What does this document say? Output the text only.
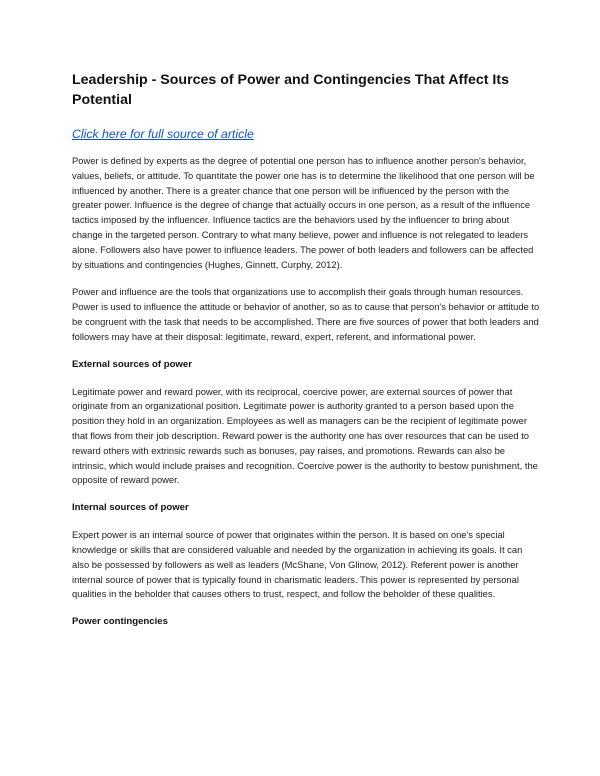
Leadership - Sources of Power and Contingencies That Affect Its Potential
Click here for full source of article

Power is defined by experts as the degree of potential one person has to influence another person's behavior, values, beliefs, or attitude. To quantitate the power one has is to determine the likelihood that one person will be influenced by another. There is a greater chance that one person will be influenced by the person with the greater power. Influence is the degree of change that actually occurs in one person, as a result of the influence tactics imposed by the influencer. Influence tactics are the behaviors used by the influencer to bring about change in the targeted person. Contrary to what many believe, power and influence is not relegated to leaders alone. Followers also have power to influence leaders. The power of both leaders and followers can be affected by situations and contingencies (Hughes, Ginnett, Curphy, 2012).

Power and influence are the tools that organizations use to accomplish their goals through human resources. Power is used to influence the attitude or behavior of another, so as to cause that person's behavior or attitude to be congruent with the task that needs to be accomplished. There are five sources of power that both leaders and followers may have at their disposal: legitimate, reward, expert, referent, and informational power.

External sources of power

Legitimate power and reward power, with its reciprocal, coercive power, are external sources of power that originate from an organizational position. Legitimate power is authority granted to a person based upon the position they hold in an organization. Employees as well as managers can be the recipient of legitimate power that flows from their job description. Reward power is the authority one has over resources that can be used to reward others with extrinsic rewards such as bonuses, pay raises, and promotions. Rewards can also be intrinsic, which would include praises and recognition. Coercive power is the authority to bestow punishment, the opposite of reward power.

Internal sources of power

Expert power is an internal source of power that originates within the person. It is based on one's special knowledge or skills that are considered valuable and needed by the organization in achieving its goals. It can also be possessed by followers as well as leaders (McShane, Von Glinow, 2012). Referent power is another internal source of power that is typically found in charismatic leaders. This power is represented by personal qualities in the beholder that causes others to trust, respect, and follow the beholder of these qualities.

Power contingencies
